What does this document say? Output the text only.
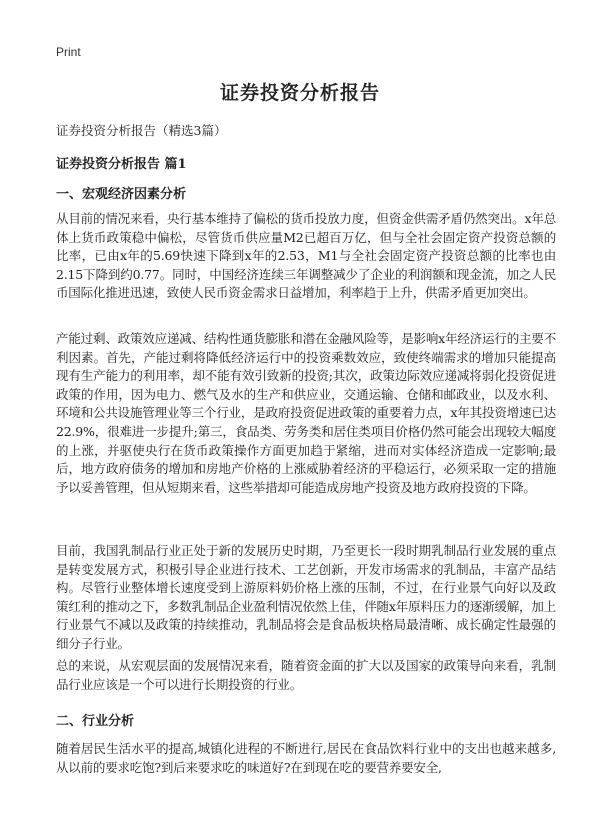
Print
证券投资分析报告
证券投资分析报告（精选3篇）
证券投资分析报告 篇1
一、宏观经济因素分析
从目前的情况来看，央行基本维持了偏松的货币投放力度，但资金供需矛盾仍然突出。x年总体上货币政策稳中偏松，尽管货币供应量M2已超百万亿，但与全社会固定资产投资总额的比率，已由x年的5.69快速下降到x年的2.53，M1与全社会固定资产投资总额的比率也由2.15下降到约0.77。同时，中国经济连续三年调整减少了企业的利润额和现金流，加之人民币国际化推进迅速，致使人民币资金需求日益增加，利率趋于上升，供需矛盾更加突出。
产能过剩、政策效应递减、结构性通货膨胀和潜在金融风险等，是影响x年经济运行的主要不利因素。首先，产能过剩将降低经济运行中的投资乘数效应，致使终端需求的增加只能提高现有生产能力的利用率，却不能有效引致新的投资;其次，政策边际效应递减将弱化投资促进政策的作用，因为电力、燃气及水的生产和供应业，交通运输、仓储和邮政业，以及水利、环境和公共设施管理业等三个行业，是政府投资促进政策的重要着力点，x年其投资增速已达22.9%，很难进一步提升;第三，食品类、劳务类和居住类项目价格仍然可能会出现较大幅度的上涨，并驱使央行在货币政策操作方面更加趋于紧缩，进而对实体经济造成一定影响;最后，地方政府债务的增加和房地产价格的上涨威胁着经济的平稳运行，必须采取一定的措施予以妥善管理，但从短期来看，这些举措却可能造成房地产投资及地方政府投资的下降。
目前，我国乳制品行业正处于新的发展历史时期，乃至更长一段时期乳制品行业发展的重点是转变发展方式，积极引导企业进行技术、工艺创新，开发市场需求的乳制品，丰富产品结构。尽管行业整体增长速度受到上游原料奶价格上涨的压制，不过，在行业景气向好以及政策红利的推动之下，多数乳制品企业盈利情况依然上佳，伴随x年原料压力的逐渐缓解，加上行业景气不减以及政策的持续推动，乳制品将会是食品板块格局最清晰、成长确定性最强的细分子行业。
总的来说，从宏观层面的发展情况来看，随着资金面的扩大以及国家的政策导向来看，乳制品行业应该是一个可以进行长期投资的行业。
二、行业分析
随着居民生活水平的提高,城镇化进程的不断进行,居民在食品饮料行业中的支出也越来越多,从以前的要求吃饱?到后来要求吃的味道好?在到现在吃的要营养要安全,
